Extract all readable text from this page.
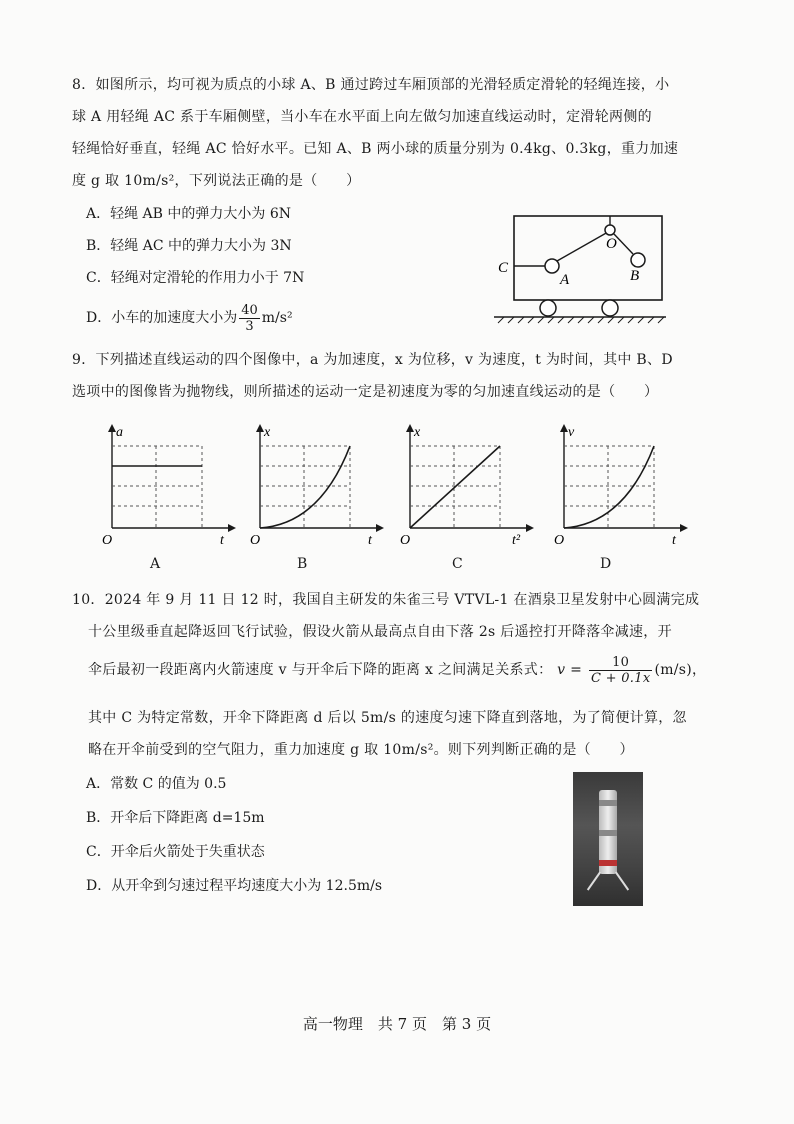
8．如图所示，均可视为质点的小球 A、B 通过跨过车厢顶部的光滑轻质定滑轮的轻绳连接，小
球 A 用轻绳 AC 系于车厢侧壁，当小车在水平面上向左做匀加速直线运动时，定滑轮两侧的
轻绳恰好垂直，轻绳 AC 恰好水平。已知 A、B 两小球的质量分别为 0.4kg、0.3kg，重力加速
度 g 取 10m/s²，下列说法正确的是（　　）
A．轻绳 AB 中的弹力大小为 6N
B．轻绳 AC 中的弹力大小为 3N
C．轻绳对定滑轮的作用力小于 7N
D．小车的加速度大小为 $\frac{40}{3} m/s^2$
C
A
O
B
9．下列描述直线运动的四个图像中，a 为加速度，x 为位移，v 为速度，t 为时间，其中 B、D
选项中的图像皆为抛物线，则所描述的运动一定是初速度为零的匀加速直线运动的是（　　）
a
t
O
x
t
O
x
t²
O
v
t
O
A	B	C	D
10．2024 年 9 月 11 日 12 时，我国自主研发的朱雀三号 VTVL-1 在酒泉卫星发射中心圆满完成
十公里级垂直起降返回飞行试验，假设火箭从最高点自由下落 2s 后遥控打开降落伞减速，开
伞后最初一段距离内火箭速度 v 与开伞后下降的距离 x 之间满足关系式： $v = \frac{10}{C + 0.1x} (m/s)$，
其中 C 为特定常数，开伞下降距离 d 后以 5m/s 的速度匀速下降直到落地，为了简便计算，忽
略在开伞前受到的空气阻力，重力加速度 g 取 10m/s²。则下列判断正确的是（　　）
A．常数 C 的值为 0.5
B．开伞后下降距离 d=15m
C．开伞后火箭处于失重状态
D．从开伞到匀速过程平均速度大小为 12.5m/s
高一物理　共 7 页　第 3 页
